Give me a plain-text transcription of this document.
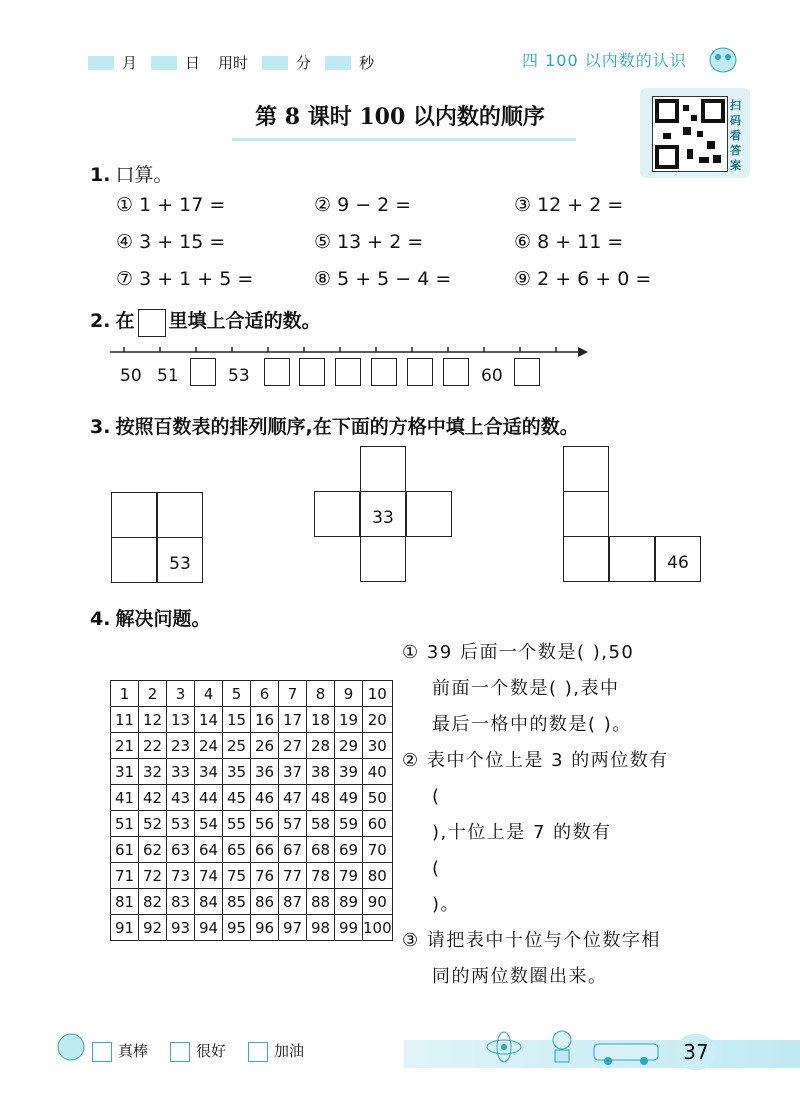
月	日 用时	分	秒	四 100 以内数的认识
第 8 课时 100 以内数的顺序	扫码看答案
1. 口算。
① 1 + 17 =	② 9 − 2 =	③ 12 + 2 =
④ 3 + 15 =	⑤ 13 + 2 =	⑥ 8 + 11 =
⑦ 3 + 1 + 5 =	⑧ 5 + 5 − 4 =	⑨ 2 + 6 + 0 =
2. 在 里填上合适的数。
50 51	53	60
3. 按照百数表的排列顺序,在下面的方格中填上合适的数。
53
33
46
4. 解决问题。
1	2	3	4	5	6	7	8	9	10
11	12	13	14	15	16	17	18	19	20
21	22	23	24	25	26	27	28	29	30
31	32	33	34	35	36	37	38	39	40
41	42	43	44	45	46	47	48	49	50
51	52	53	54	55	56	57	58	59	60
61	62	63	64	65	66	67	68	69	70
71	72	73	74	75	76	77	78	79	80
81	82	83	84	85	86	87	88	89	90
91	92	93	94	95	96	97	98	99	100
① 39 后面一个数是( ),50
前面一个数是( ),表中
最后一格中的数是( )。
② 表中个位上是 3 的两位数有
(
),十位上是 7 的数有
(
)。
③ 请把表中十位与个位数字相
同的两位数圈出来。
真棒	很好	加油	37
